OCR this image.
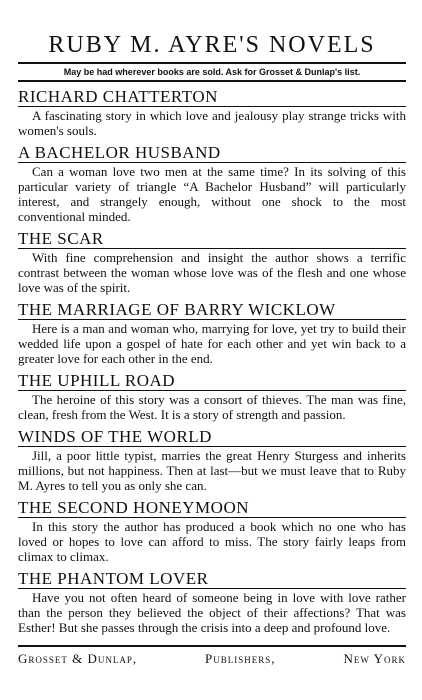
RUBY M. AYRE'S NOVELS
May be had wherever books are sold. Ask for Grosset & Dunlap's list.
RICHARD CHATTERTON
A fascinating story in which love and jealousy play strange tricks with women's souls.
A BACHELOR HUSBAND
Can a woman love two men at the same time? In its solving of this particular variety of triangle “A Bachelor Husband” will particularly interest, and strangely enough, without one shock to the most conventional minded.
THE SCAR
With fine comprehension and insight the author shows a terrific contrast between the woman whose love was of the flesh and one whose love was of the spirit.
THE MARRIAGE OF BARRY WICKLOW
Here is a man and woman who, marrying for love, yet try to build their wedded life upon a gospel of hate for each other and yet win back to a greater love for each other in the end.
THE UPHILL ROAD
The heroine of this story was a consort of thieves. The man was fine, clean, fresh from the West. It is a story of strength and passion.
WINDS OF THE WORLD
Jill, a poor little typist, marries the great Henry Sturgess and inherits millions, but not happiness. Then at last—but we must leave that to Ruby M. Ayres to tell you as only she can.
THE SECOND HONEYMOON
In this story the author has produced a book which no one who has loved or hopes to love can afford to miss. The story fairly leaps from climax to climax.
THE PHANTOM LOVER
Have you not often heard of someone being in love with love rather than the person they believed the object of their affections? That was Esther! But she passes through the crisis into a deep and profound love.
Grosset & Dunlap,	Publishers,	New York
